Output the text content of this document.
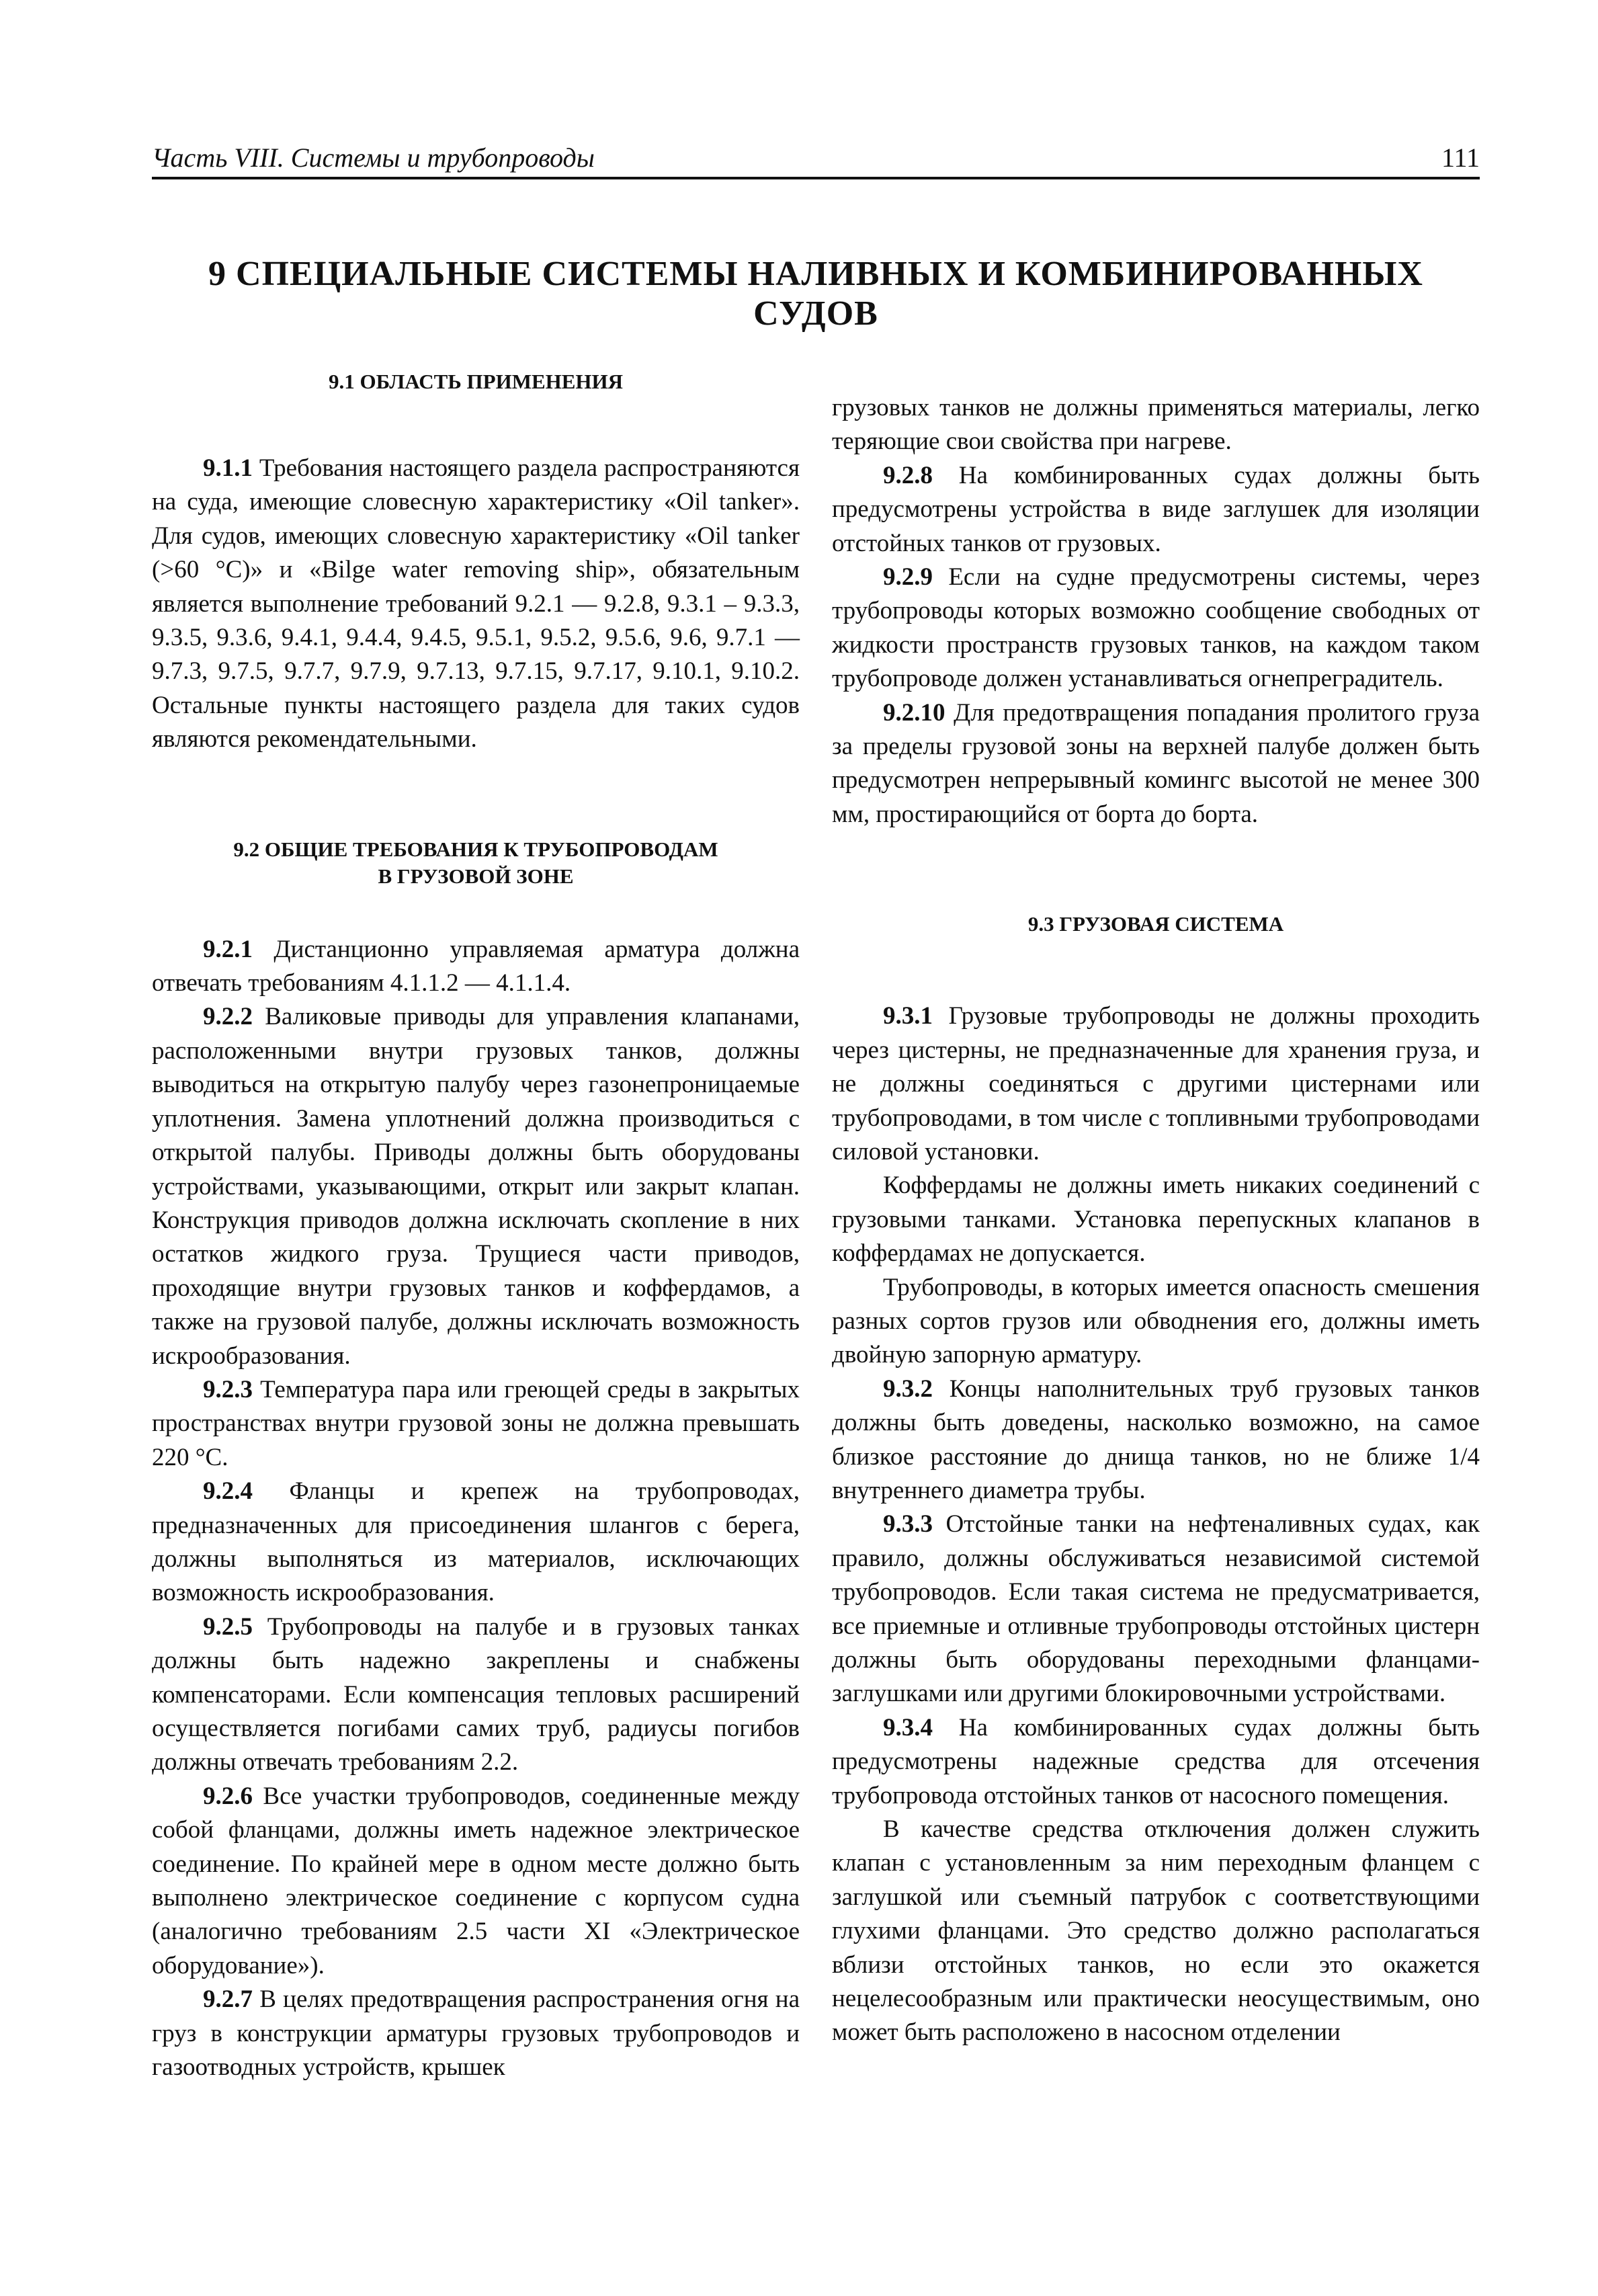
Часть VIII. Системы и трубопроводы	111
9 СПЕЦИАЛЬНЫЕ СИСТЕМЫ НАЛИВНЫХ И КОМБИНИРОВАННЫХ СУДОВ
9.1 ОБЛАСТЬ ПРИМЕНЕНИЯ

9.1.1 Требования настоящего раздела распространяются на суда, имеющие словесную характеристику «Oil tanker». Для судов, имеющих словесную характеристику «Oil tanker (>60 °C)» и «Bilge water removing ship», обязательным является выполнение требований 9.2.1 — 9.2.8, 9.3.1 – 9.3.3, 9.3.5, 9.3.6, 9.4.1, 9.4.4, 9.4.5, 9.5.1, 9.5.2, 9.5.6, 9.6, 9.7.1 — 9.7.3, 9.7.5, 9.7.7, 9.7.9, 9.7.13, 9.7.15, 9.7.17, 9.10.1, 9.10.2. Остальные пункты настоящего раздела для таких судов являются рекомендательными.

9.2 ОБЩИЕ ТРЕБОВАНИЯ К ТРУБОПРОВОДАМ
В ГРУЗОВОЙ ЗОНЕ

9.2.1 Дистанционно управляемая арматура должна отвечать требованиям 4.1.1.2 — 4.1.1.4.

9.2.2 Валиковые приводы для управления клапанами, расположенными внутри грузовых танков, должны выводиться на открытую палубу через газонепроницаемые уплотнения. Замена уплотнений должна производиться с открытой палубы. Приводы должны быть оборудованы устройствами, указывающими, открыт или закрыт клапан. Конструкция приводов должна исключать скопление в них остатков жидкого груза. Трущиеся части приводов, проходящие внутри грузовых танков и коффердамов, а также на грузовой палубе, должны исключать возможность искрообразования.

9.2.3 Температура пара или греющей среды в закрытых пространствах внутри грузовой зоны не должна превышать 220 °C.

9.2.4 Фланцы и крепеж на трубопроводах, предназначенных для присоединения шлангов с берега, должны выполняться из материалов, исключающих возможность искрообразования.

9.2.5 Трубопроводы на палубе и в грузовых танках должны быть надежно закреплены и снабжены компенсаторами. Если компенсация тепловых расширений осуществляется погибами самих труб, радиусы погибов должны отвечать требованиям 2.2.

9.2.6 Все участки трубопроводов, соединенные между собой фланцами, должны иметь надежное электрическое соединение. По крайней мере в одном месте должно быть выполнено электрическое соединение с корпусом судна (аналогично требованиям 2.5 части XI «Электрическое оборудование»).

9.2.7 В целях предотвращения распространения огня на груз в конструкции арматуры грузовых трубопроводов и газоотводных устройств, крышек

грузовых танков не должны применяться материалы, легко теряющие свои свойства при нагреве.

9.2.8 На комбинированных судах должны быть предусмотрены устройства в виде заглушек для изоляции отстойных танков от грузовых.

9.2.9 Если на судне предусмотрены системы, через трубопроводы которых возможно сообщение свободных от жидкости пространств грузовых танков, на каждом таком трубопроводе должен устанавливаться огнепреградитель.

9.2.10 Для предотвращения попадания пролитого груза за пределы грузовой зоны на верхней палубе должен быть предусмотрен непрерывный комингс высотой не менее 300 мм, простирающийся от борта до борта.

9.3 ГРУЗОВАЯ СИСТЕМА

9.3.1 Грузовые трубопроводы не должны проходить через цистерны, не предназначенные для хранения груза, и не должны соединяться с другими цистернами или трубопроводами, в том числе с топливными трубопроводами силовой установки.

Коффердамы не должны иметь никаких соединений с грузовыми танками. Установка перепускных клапанов в коффердамах не допускается.

Трубопроводы, в которых имеется опасность смешения разных сортов грузов или обводнения его, должны иметь двойную запорную арматуру.

9.3.2 Концы наполнительных труб грузовых танков должны быть доведены, насколько возможно, на самое близкое расстояние до днища танков, но не ближе 1/4 внутреннего диаметра трубы.

9.3.3 Отстойные танки на нефтеналивных судах, как правило, должны обслуживаться независимой системой трубопроводов. Если такая система не предусматривается, все приемные и отливные трубопроводы отстойных цистерн должны быть оборудованы переходными фланцами-заглушками или другими блокировочными устройствами.

9.3.4 На комбинированных судах должны быть предусмотрены надежные средства для отсечения трубопровода отстойных танков от насосного помещения.

В качестве средства отключения должен служить клапан с установленным за ним переходным фланцем с заглушкой или съемный патрубок с соответствующими глухими фланцами. Это средство должно располагаться вблизи отстойных танков, но если это окажется нецелесообразным или практически неосуществимым, оно может быть расположено в насосном отделении
